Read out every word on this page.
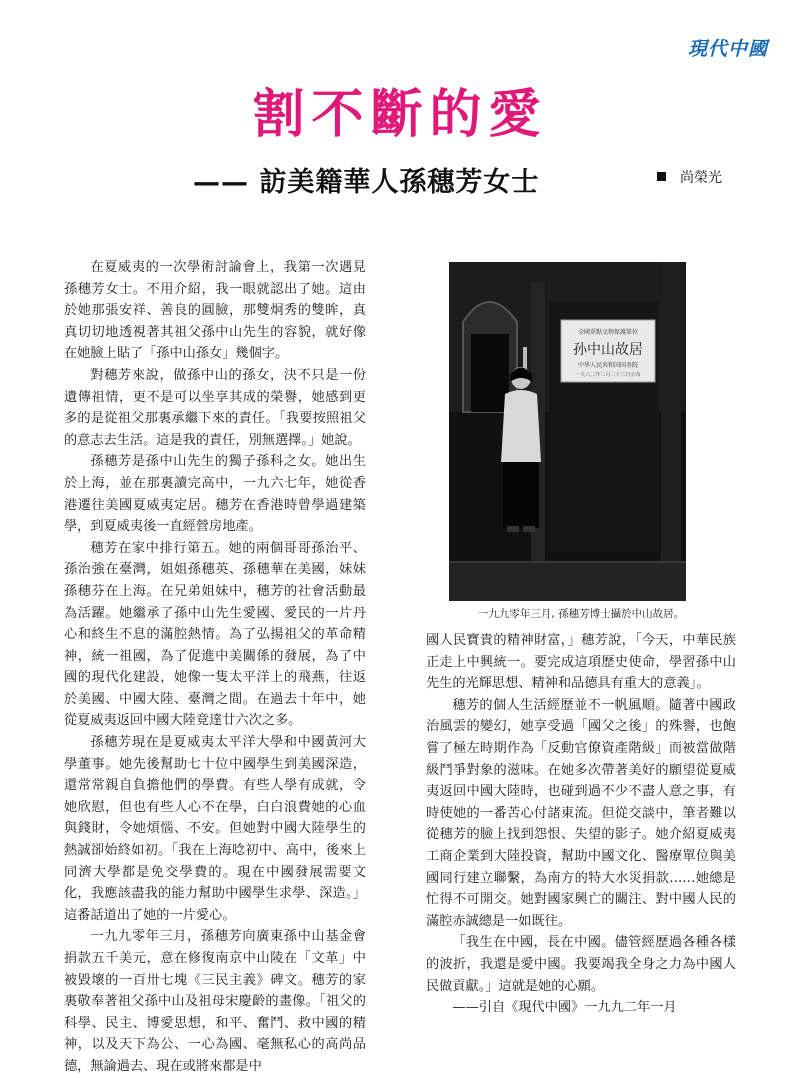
現代中國
割不斷的愛
—— 訪美籍華人孫穗芳女士	尚榮光

在夏威夷的一次學術討論會上，我第一次遇見孫穗芳女士。不用介紹，我一眼就認出了她。這由於她那張安祥、善良的圓臉，那雙炯秀的雙眸，真真切切地透視著其祖父孫中山先生的容貌，就好像在她臉上貼了「孫中山孫女」幾個字。

對穗芳來說，做孫中山的孫女，決不只是一份遺傳祖情，更不是可以坐享其成的榮譽，她感到更多的是從祖父那裏承繼下來的責任。「我要按照祖父的意志去生活。這是我的責任，別無選擇。」她說。

孫穗芳是孫中山先生的獨子孫科之女。她出生於上海，並在那裏讀完高中，一九六七年，她從香港遷往美國夏威夷定居。穗芳在香港時曾學過建築學，到夏威夷後一直經營房地產。

穗芳在家中排行第五。她的兩個哥哥孫治平、孫治強在臺灣，姐姐孫穗英、孫穗華在美國，妹妹孫穗芬在上海。在兄弟姐妹中，穗芳的社會活動最為活躍。她繼承了孫中山先生愛國、愛民的一片丹心和終生不息的滿腔熱情。為了弘揚祖父的革命精神，統一祖國，為了促進中美關係的發展，為了中國的現代化建設，她像一隻太平洋上的飛燕，往返於美國、中國大陸、臺灣之間。在過去十年中，她從夏威夷返回中國大陸竟達廿六次之多。

孫穗芳現在是夏威夷太平洋大學和中國黃河大學董事。她先後幫助七十位中國學生到美國深造，還常常親自負擔他們的學費。有些人學有成就，令她欣慰，但也有些人心不在學，白白浪費她的心血與錢財，令她煩惱、不安。但她對中國大陸學生的熱誠卻始終如初。「我在上海唸初中、高中，後來上同濟大學都是免交學費的。現在中國發展需要文化，我應該盡我的能力幫助中國學生求學、深造。」這番話道出了她的一片愛心。

一九九零年三月，孫穗芳向廣東孫中山基金會捐款五千美元，意在修復南京中山陵在「文革」中被毀壞的一百卅七塊《三民主義》碑文。穗芳的家裏敬奉著祖父孫中山及祖母宋慶齡的畫像。「祖父的科學、民主、博愛思想，和平、奮鬥、救中國的精神，以及天下為公、一心為國、毫無私心的高尚品德，無論過去、現在或將來都是中

全國重點文物保護單位
孙中山故居
中华人民共和国国务院
一九八二年二月二十三日公布
一九九零年三月, 孫穗芳博士攝於中山故居。

國人民寶貴的精神財富，」穗芳說，「今天，中華民族正走上中興統一。要完成這項歷史使命，學習孫中山先生的光輝思想、精神和品德具有重大的意義」。

穗芳的個人生活經歷並不一帆風順。隨著中國政治風雲的變幻，她享受過「國父之後」的殊譽，也飽嘗了極左時期作為「反動官僚資產階級」而被當做階級鬥爭對象的滋味。在她多次帶著美好的願望從夏威夷返回中國大陸時，也碰到過不少不盡人意之事，有時使她的一番苦心付諸東流。但從交談中，筆者難以從穗芳的臉上找到怨恨、失望的影子。她介紹夏威夷工商企業到大陸投資，幫助中國文化、醫療單位與美國同行建立聯繫，為南方的特大水災捐款……她總是忙得不可開交。她對國家興亡的關注、對中國人民的滿腔赤誠總是一如既往。

「我生在中國，長在中國。儘管經歷過各種各樣的波折，我還是愛中國。我要竭我全身之力為中國人民做貢獻。」這就是她的心願。

——引自《現代中國》一九九二年一月
